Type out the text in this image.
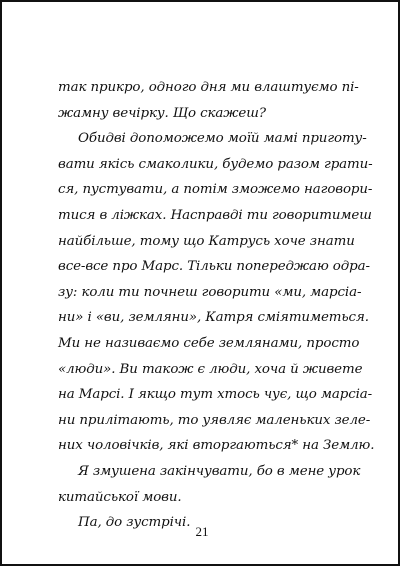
так прикро, одного дня ми влаштуємо пі-
жамну вечірку. Що скажеш?
Обидві допоможемо моїй мамі приготу-
вати якісь смаколики, будемо разом грати-
ся, пустувати, а потім зможемо наговори-
тися в ліжках. Насправді ти говоритимеш
найбільше, тому що Катрусь хоче знати
все-все про Марс. Тільки попереджаю одра-
зу: коли ти почнеш говорити «ми, марсіа-
ни» і «ви, земляни», Катря сміятиметься.
Ми не називаємо себе землянами, просто
«люди». Ви також є люди, хоча й живете
на Марсі. І якщо тут хтось чує, що марсіа-
ни прилітають, то уявляє маленьких зеле-
них чоловічків, які вторгаються* на Землю.
Я змушена закінчувати, бо в мене урок
китайської мови.
Па, до зустрічі.
21
